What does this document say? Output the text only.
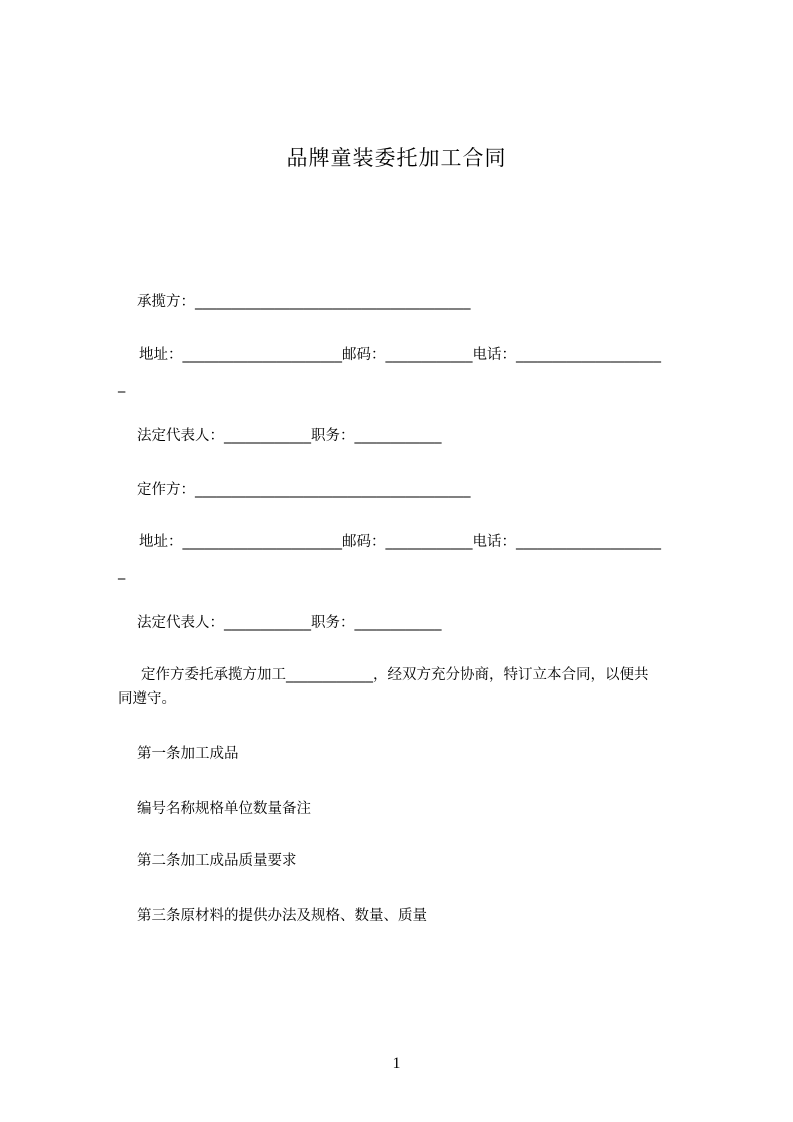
品牌童装委托加工合同
承揽方：______________________________________
地址：______________________邮码：____________电话：____________________
_
法定代表人：____________职务：____________
定作方：______________________________________
地址：______________________邮码：____________电话：____________________
_
法定代表人：____________职务：____________
定作方委托承揽方加工____________，经双方充分协商，特订立本合同，以便共
同遵守。
第一条加工成品
编号名称规格单位数量备注
第二条加工成品质量要求
第三条原材料的提供办法及规格、数量、质量
1
